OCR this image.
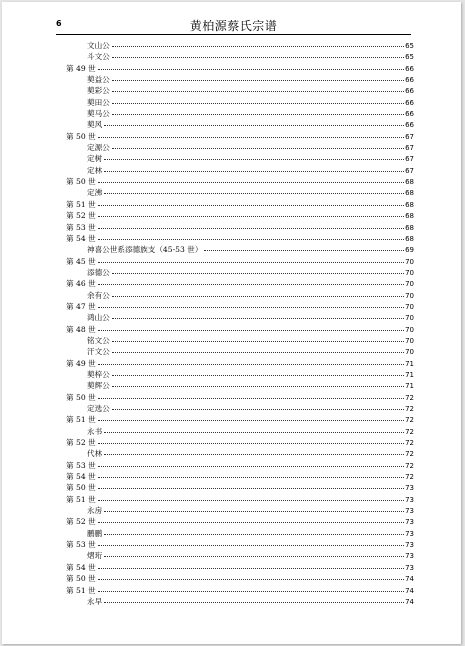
6	黄柏源蔡氏宗谱
文山公	65
斗文公	65
第 49 世	66
葜益公	66
葜彩公	66
葜田公	66
葜马公	66
葜风	66
第 50 世	67
定源公	67
定树	67
定林	67
第 50 世	68
定沸	68
第 51 世	68
第 52 世	68
第 53 世	68
第 54 世	68
神喜公世系添德族支（45-53 世）	69
第 45 世	70
添德公	70
第 46 世	70
余有公	70
第 47 世	70
鸿山公	70
第 48 世	70
铭文公	70
汗文公	70
第 49 世	71
葜梓公	71
葜辉公	71
第 50 世	72
定选公	72
第 51 世	72
永书	72
第 52 世	72
代林	72
第 53 世	72
第 54 世	72
第 50 世	73
第 51 世	73
永房	73
第 52 世	73
鹏鹏	73
第 53 世	73
熠珩	73
第 54 世	73
第 50 世	74
第 51 世	74
永早	74
